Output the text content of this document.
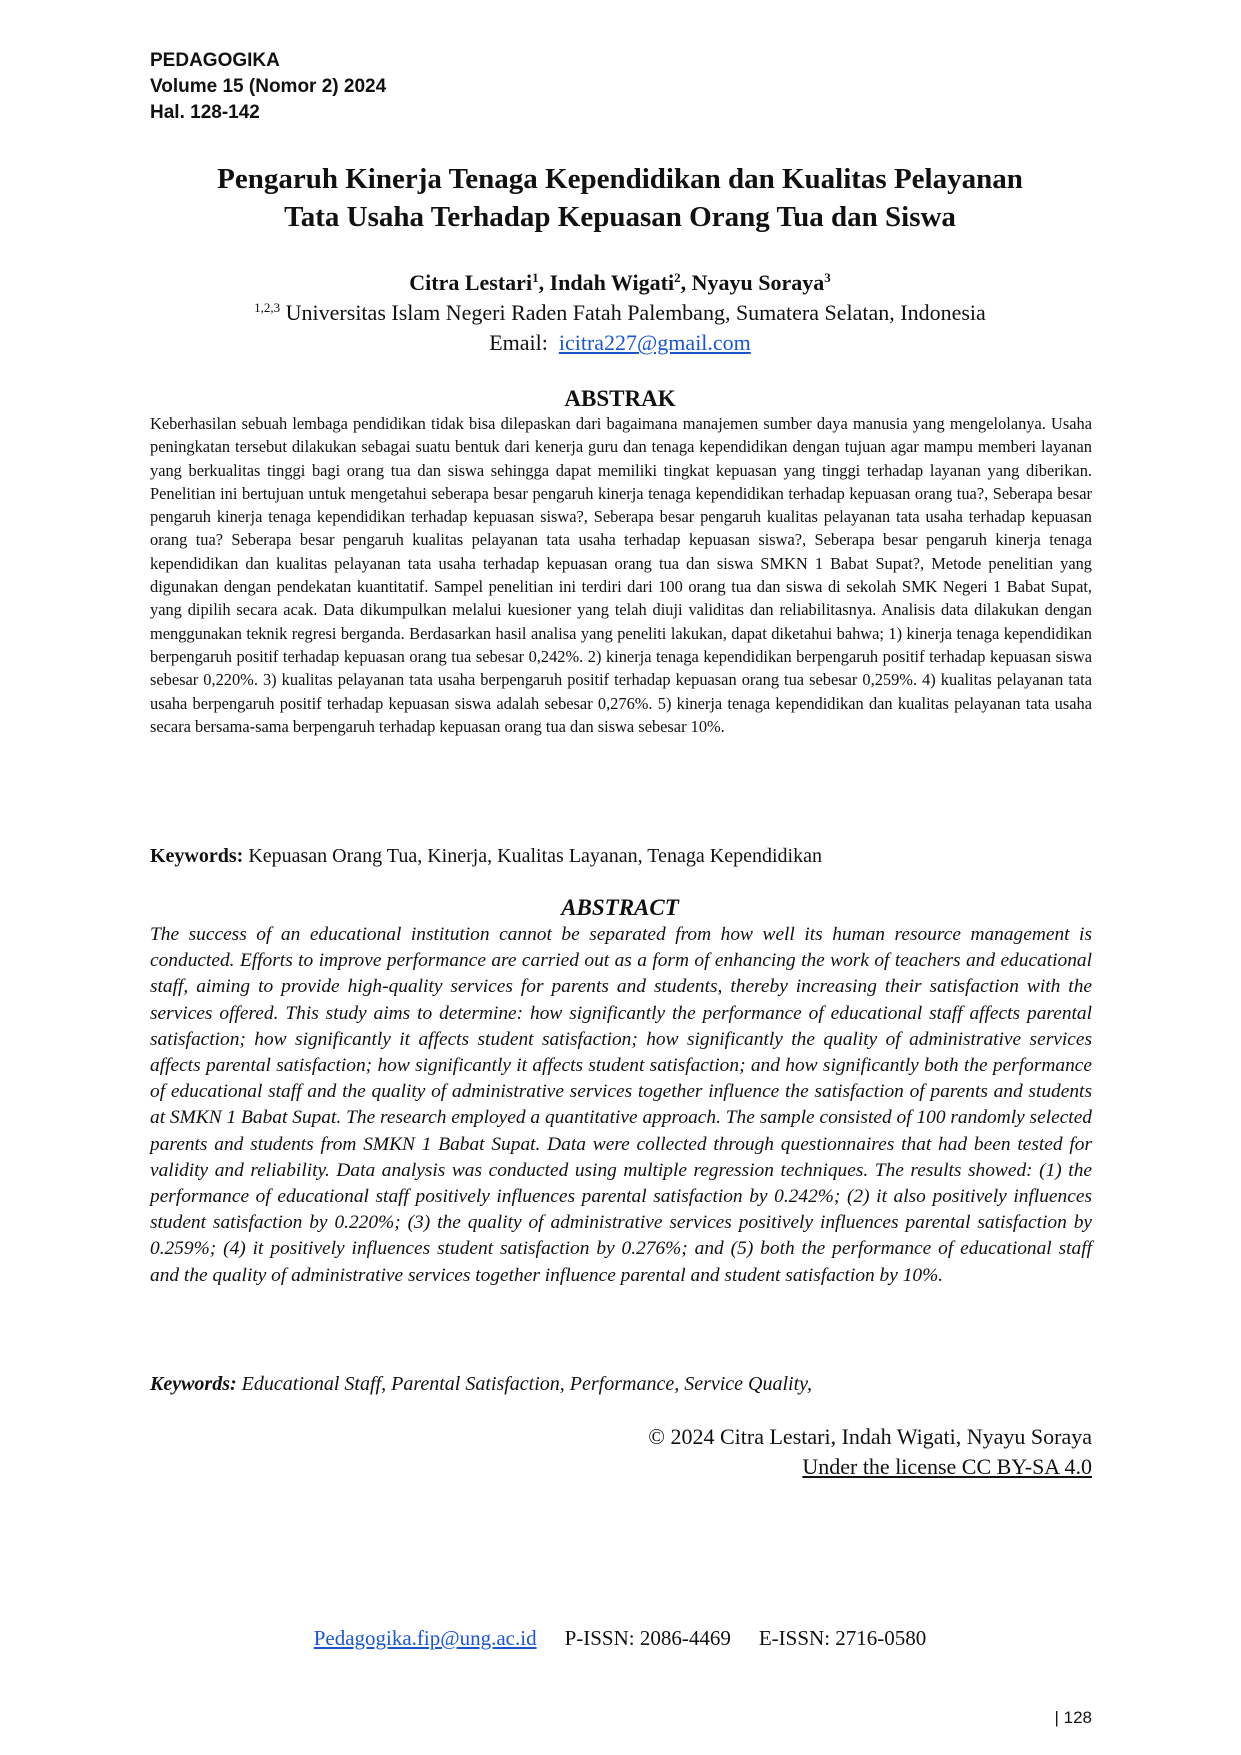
PEDAGOGIKA
Volume 15 (Nomor 2) 2024
Hal. 128-142
Pengaruh Kinerja Tenaga Kependidikan dan Kualitas Pelayanan
Tata Usaha Terhadap Kepuasan Orang Tua dan Siswa
Citra Lestari$^1$, Indah Wigati$^2$, Nyayu Soraya$^3$
$^{1,2,3}$ Universitas Islam Negeri Raden Fatah Palembang, Sumatera Selatan, Indonesia
Email: icitra227@gmail.com
ABSTRAK

Keberhasilan sebuah lembaga pendidikan tidak bisa dilepaskan dari bagaimana manajemen sumber daya manusia yang mengelolanya. Usaha peningkatan tersebut dilakukan sebagai suatu bentuk dari kenerja guru dan tenaga kependidikan dengan tujuan agar mampu memberi layanan yang berkualitas tinggi bagi orang tua dan siswa sehingga dapat memiliki tingkat kepuasan yang tinggi terhadap layanan yang diberikan. Penelitian ini bertujuan untuk mengetahui seberapa besar pengaruh kinerja tenaga kependidikan terhadap kepuasan orang tua?, Seberapa besar pengaruh kinerja tenaga kependidikan terhadap kepuasan siswa?, Seberapa besar pengaruh kualitas pelayanan tata usaha terhadap kepuasan orang tua? Seberapa besar pengaruh kualitas pelayanan tata usaha terhadap kepuasan siswa?, Seberapa besar pengaruh kinerja tenaga kependidikan dan kualitas pelayanan tata usaha terhadap kepuasan orang tua dan siswa SMKN 1 Babat Supat?, Metode penelitian yang digunakan dengan pendekatan kuantitatif. Sampel penelitian ini terdiri dari 100 orang tua dan siswa di sekolah SMK Negeri 1 Babat Supat, yang dipilih secara acak. Data dikumpulkan melalui kuesioner yang telah diuji validitas dan reliabilitasnya. Analisis data dilakukan dengan menggunakan teknik regresi berganda. Berdasarkan hasil analisa yang peneliti lakukan, dapat diketahui bahwa; 1) kinerja tenaga kependidikan berpengaruh positif terhadap kepuasan orang tua sebesar 0,242%. 2) kinerja tenaga kependidikan berpengaruh positif terhadap kepuasan siswa sebesar 0,220%. 3) kualitas pelayanan tata usaha berpengaruh positif terhadap kepuasan orang tua sebesar 0,259%. 4) kualitas pelayanan tata usaha berpengaruh positif terhadap kepuasan siswa adalah sebesar 0,276%. 5) kinerja tenaga kependidikan dan kualitas pelayanan tata usaha secara bersama-sama berpengaruh terhadap kepuasan orang tua dan siswa sebesar 10%.

Keywords: Kepuasan Orang Tua, Kinerja, Kualitas Layanan, Tenaga Kependidikan

ABSTRACT

The success of an educational institution cannot be separated from how well its human resource management is conducted. Efforts to improve performance are carried out as a form of enhancing the work of teachers and educational staff, aiming to provide high-quality services for parents and students, thereby increasing their satisfaction with the services offered. This study aims to determine: how significantly the performance of educational staff affects parental satisfaction; how significantly it affects student satisfaction; how significantly the quality of administrative services affects parental satisfaction; how significantly it affects student satisfaction; and how significantly both the performance of educational staff and the quality of administrative services together influence the satisfaction of parents and students at SMKN 1 Babat Supat. The research employed a quantitative approach. The sample consisted of 100 randomly selected parents and students from SMKN 1 Babat Supat. Data were collected through questionnaires that had been tested for validity and reliability. Data analysis was conducted using multiple regression techniques. The results showed: (1) the performance of educational staff positively influences parental satisfaction by 0.242%; (2) it also positively influences student satisfaction by 0.220%; (3) the quality of administrative services positively influences parental satisfaction by 0.259%; (4) it positively influences student satisfaction by 0.276%; and (5) both the performance of educational staff and the quality of administrative services together influence parental and student satisfaction by 10%.

Keywords: Educational Staff, Parental Satisfaction, Performance, Service Quality,

© 2024 Citra Lestari, Indah Wigati, Nyayu Soraya
Under the license CC BY-SA 4.0
Pedagogika.fip@ung.ac.id P-ISSN: 2086-4469 E-ISSN: 2716-0580
| 128
